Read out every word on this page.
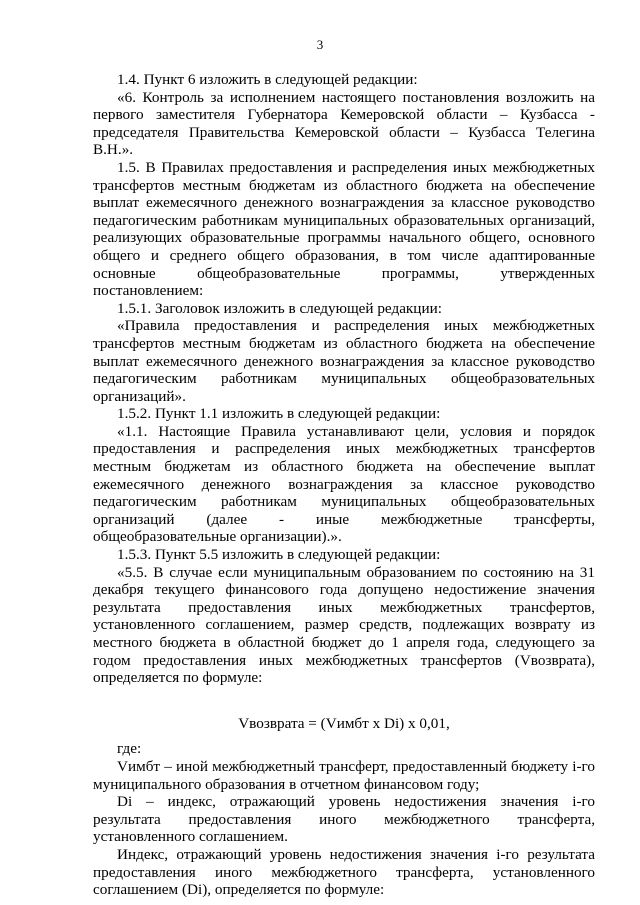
3

1.4. Пункт 6 изложить в следующей редакции:

«6. Контроль за исполнением настоящего постановления возложить на первого заместителя Губернатора Кемеровской области – Кузбасса - председателя Правительства Кемеровской области – Кузбасса Телегина В.Н.».

1.5. В Правилах предоставления и распределения иных межбюджетных трансфертов местным бюджетам из областного бюджета на обеспечение выплат ежемесячного денежного вознаграждения за классное руководство педагогическим работникам муниципальных образовательных организаций, реализующих образовательные программы начального общего, основного общего и среднего общего образования, в том числе адаптированные основные общеобразовательные программы, утвержденных постановлением:

1.5.1. Заголовок изложить в следующей редакции:

«Правила предоставления и распределения иных межбюджетных трансфертов местным бюджетам из областного бюджета на обеспечение выплат ежемесячного денежного вознаграждения за классное руководство педагогическим работникам муниципальных общеобразовательных организаций».

1.5.2. Пункт 1.1 изложить в следующей редакции:

«1.1. Настоящие Правила устанавливают цели, условия и порядок предоставления и распределения иных межбюджетных трансфертов местным бюджетам из областного бюджета на обеспечение выплат ежемесячного денежного вознаграждения за классное руководство педагогическим работникам муниципальных общеобразовательных организаций (далее - иные межбюджетные трансферты, общеобразовательные организации).».

1.5.3. Пункт 5.5 изложить в следующей редакции:

«5.5. В случае если муниципальным образованием по состоянию на 31 декабря текущего финансового года допущено недостижение значения результата предоставления иных межбюджетных трансфертов, установленного соглашением, размер средств, подлежащих возврату из местного бюджета в областной бюджет до 1 апреля года, следующего за годом предоставления иных межбюджетных трансфертов (Vвозврата), определяется по формуле:

Vвозврата = (Vимбт x Di) x 0,01,

где:

Vимбт – иной межбюджетный трансферт, предоставленный бюджету i-го муниципального образования в отчетном финансовом году;

Di – индекс, отражающий уровень недостижения значения i-го результата предоставления иного межбюджетного трансферта, установленного соглашением.

Индекс, отражающий уровень недостижения значения i-го результата предоставления иного межбюджетного трансферта, установленного соглашением (Di), определяется по формуле:
